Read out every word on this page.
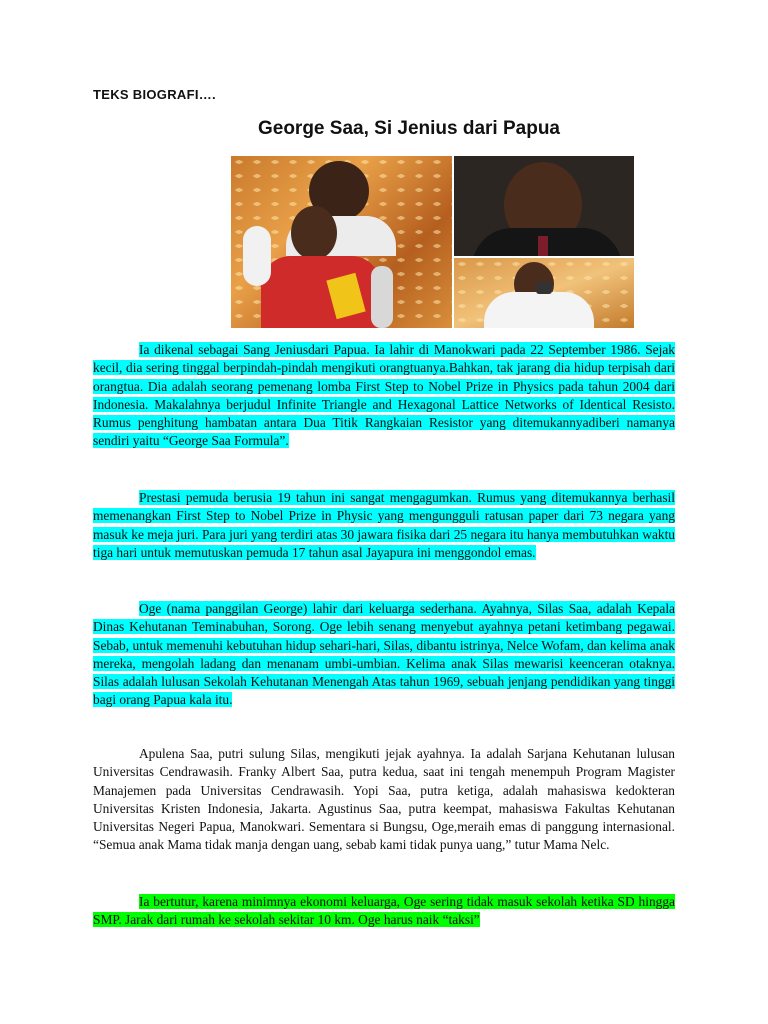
TEKS BIOGRAFI….
George Saa, Si Jenius dari Papua

Ia dikenal sebagai Sang Jeniusdari Papua. Ia lahir di Manokwari pada 22 September 1986. Sejak kecil, dia sering tinggal berpindah-pindah mengikuti orangtuanya.Bahkan, tak jarang dia hidup terpisah dari orangtua. Dia adalah seorang pemenang lomba First Step to Nobel Prize in Physics pada tahun 2004 dari Indonesia. Makalahnya berjudul Infinite Triangle and Hexagonal Lattice Networks of Identical Resisto. Rumus penghitung hambatan antara Dua Titik Rangkaian Resistor yang ditemukannyadiberi namanya sendiri yaitu “George Saa Formula”.

Prestasi pemuda berusia 19 tahun ini sangat mengagumkan. Rumus yang ditemukannya berhasil memenangkan First Step to Nobel Prize in Physic yang mengungguli ratusan paper dari 73 negara yang masuk ke meja juri. Para juri yang terdiri atas 30 jawara fisika dari 25 negara itu hanya membutuhkan waktu tiga hari untuk memutuskan pemuda 17 tahun asal Jayapura ini menggondol emas.

Oge (nama panggilan George) lahir dari keluarga sederhana. Ayahnya, Silas Saa, adalah Kepala Dinas Kehutanan Teminabuhan, Sorong. Oge lebih senang menyebut ayahnya petani ketimbang pegawai. Sebab, untuk memenuhi kebutuhan hidup sehari-hari, Silas, dibantu istrinya, Nelce Wofam, dan kelima anak mereka, mengolah ladang dan menanam umbi-umbian. Kelima anak Silas mewarisi keenceran otaknya. Silas adalah lulusan Sekolah Kehutanan Menengah Atas tahun 1969, sebuah jenjang pendidikan yang tinggi bagi orang Papua kala itu.

Apulena Saa, putri sulung Silas, mengikuti jejak ayahnya. Ia adalah Sarjana Kehutanan lulusan Universitas Cendrawasih. Franky Albert Saa, putra kedua, saat ini tengah menempuh Program Magister Manajemen pada Universitas Cendrawasih. Yopi Saa, putra ketiga, adalah mahasiswa kedokteran Universitas Kristen Indonesia, Jakarta. Agustinus Saa, putra keempat, mahasiswa Fakultas Kehutanan Universitas Negeri Papua, Manokwari. Sementara si Bungsu, Oge,meraih emas di panggung internasional. “Semua anak Mama tidak manja dengan uang, sebab kami tidak punya uang,” tutur Mama Nelc.

Ia bertutur, karena minimnya ekonomi keluarga, Oge sering tidak masuk sekolah ketika SD hingga SMP. Jarak dari rumah ke sekolah sekitar 10 km. Oge harus naik “taksi”
